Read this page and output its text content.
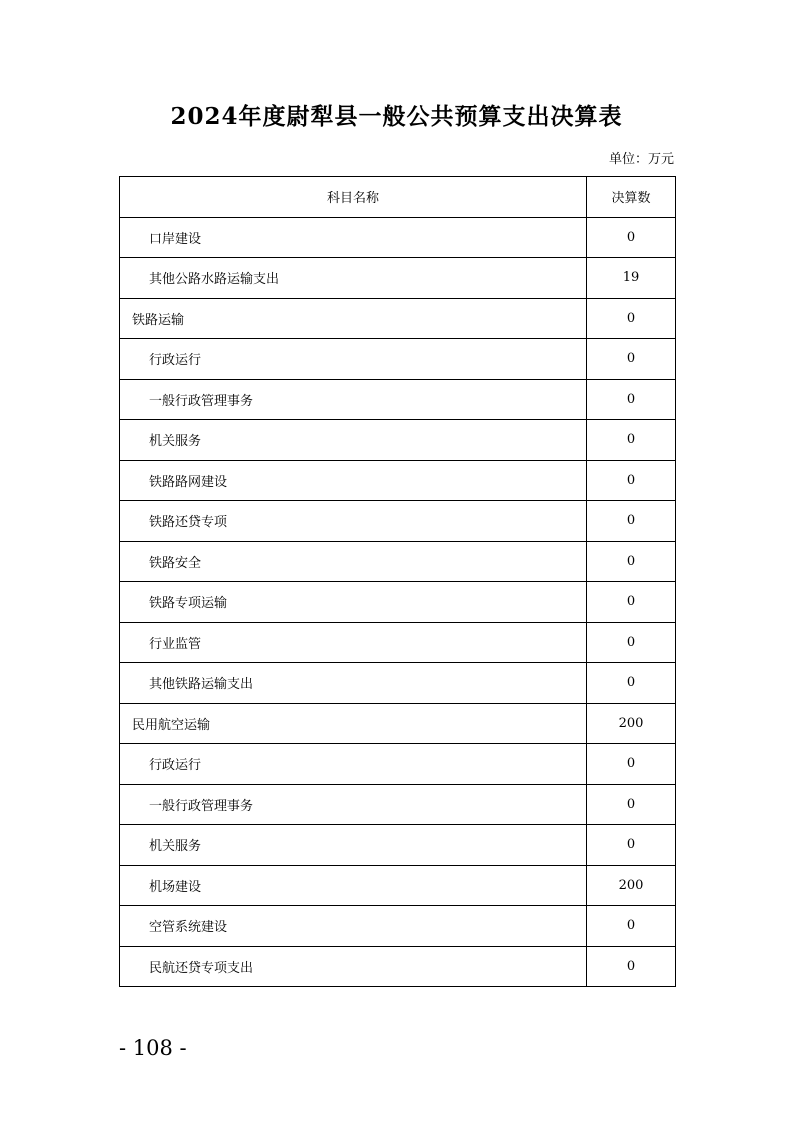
2024年度尉犁县一般公共预算支出决算表
单位：万元
科目名称	决算数
口岸建设	0
其他公路水路运输支出	19
铁路运输	0
行政运行	0
一般行政管理事务	0
机关服务	0
铁路路网建设	0
铁路还贷专项	0
铁路安全	0
铁路专项运输	0
行业监管	0
其他铁路运输支出	0
民用航空运输	200
行政运行	0
一般行政管理事务	0
机关服务	0
机场建设	200
空管系统建设	0
民航还贷专项支出	0
- 108 -
